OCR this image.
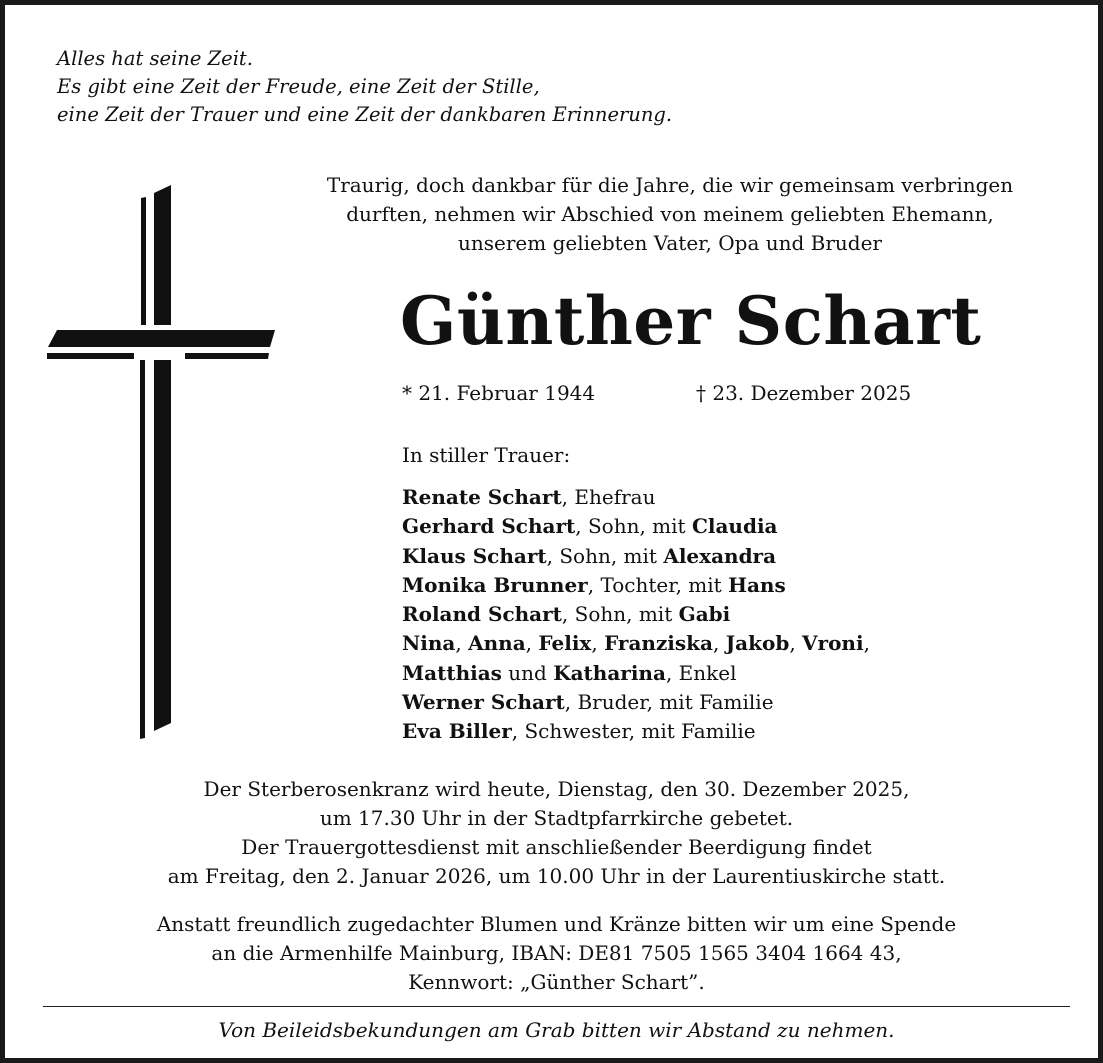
Alles hat seine Zeit.
Es gibt eine Zeit der Freude, eine Zeit der Stille,
eine Zeit der Trauer und eine Zeit der dankbaren Erinnerung.
Traurig, doch dankbar für die Jahre, die wir gemeinsam verbringen
durften, nehmen wir Abschied von meinem geliebten Ehemann,
unserem geliebten Vater, Opa und Bruder
Günther Schart
* 21. Februar 1944	† 23. Dezember 2025
In stiller Trauer:
Renate Schart, Ehefrau
Gerhard Schart, Sohn, mit Claudia
Klaus Schart, Sohn, mit Alexandra
Monika Brunner, Tochter, mit Hans
Roland Schart, Sohn, mit Gabi
Nina, Anna, Felix, Franziska, Jakob, Vroni,
Matthias und Katharina, Enkel
Werner Schart, Bruder, mit Familie
Eva Biller, Schwester, mit Familie
Der Sterberosenkranz wird heute, Dienstag, den 30. Dezember 2025,
um 17.30 Uhr in der Stadtpfarrkirche gebetet.
Der Trauergottesdienst mit anschließender Beerdigung findet
am Freitag, den 2. Januar 2026, um 10.00 Uhr in der Laurentiuskirche statt.
Anstatt freundlich zugedachter Blumen und Kränze bitten wir um eine Spende
an die Armenhilfe Mainburg, IBAN: DE81 7505 1565 3404 1664 43,
Kennwort: „Günther Schart”.
Von Beileidsbekundungen am Grab bitten wir Abstand zu nehmen.
